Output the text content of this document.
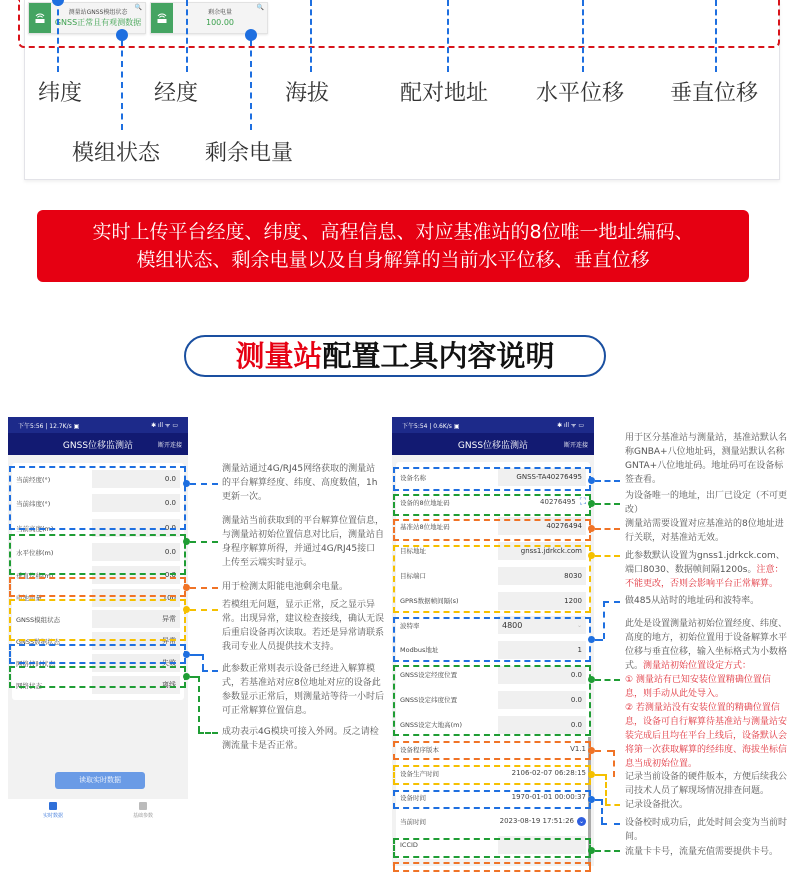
🔍
测量站GNSS模组状态
GNSS正常且有观测数据
🔍
剩余电量
100.00
纬度	经度	海拔	配对地址 水平位移 垂直位移
模组状态 剩余电量
实时上传平台经度、纬度、高程信息、对应基准站的8位唯一地址编码、
模组状态、剩余电量以及自身解算的当前水平位移、垂直位移
测量站配置工具内容说明
下午5:56 | 12.7K/s ▣	✱ ıll ᯤ ▭
GNSS位移监测站	断开连接
当前经度(°)	0.0
当前纬度(°)	0.0
当前高度(m)	0.0
水平位移(m)	0.0
垂直位移(m)	0.0
电池电量	100
GNSS模组状态	异常
GNSS数据状态	异常
网络校时状态	失败
网络状态	离线
读取实时数据
实时数据	基础参数
测量站通过4G/RJ45网络获取的测量站的平台解算经度、纬度、高度数值，1h更新一次。
测量站当前获取到的平台解算位置信息，与测量站初始位置信息对比后，测量站自身程序解算所得，并通过4G/RJ45接口上传至云端实时显示。
用于检测太阳能电池剩余电量。
若模组无问题，显示正常，反之显示异常。出现异常，建议检查接线，确认无误后重启设备再次读取。若还是异常请联系我司专业人员提供技术支持。
此参数正常则表示设备已经进入解算模式，若基准站对应8位地址对应的设备此参数显示正常后，则测量站等待一小时后可正常解算位置信息。
成功表示4G模块可接入外网。反之请检测流量卡是否正常。
下午5:54 | 0.6K/s ▣	✱ ıll ᯤ ▭
GNSS位移监测站	断开连接
设备名称	GNSS-TA40276495
设备的8位地址码	40276495 ⛶
基准站8位地址码	40276494
目标地址	gnss1.jdrkck.com
目标端口	8030
GPRS数据帧间隔(s)	1200
波特率	4800	⌄
Modbus地址	1
GNSS设定经度位置	0.0
GNSS设定纬度位置	0.0
GNSS设定大地高(m)	0.0
设备程序版本	V1.1
设备生产时间	2106-02-07 06:28:15
设备时间	1970-01-01 00:00:37
当前时间	2023-08-19 17:51:26 ⌄
ICCID
用于区分基准站与测量站，基准站默认名称GNBA+八位地址码，测量站默认名称GNTA+八位地址码。地址码可在设备标签查看。
为设备唯一的地址，出厂已设定（不可更改）
测量站需要设置对应基准站的8位地址进行关联，对基准站无效。
此参数默认设置为gnss1.jdrkck.com、端口8030、数据帧间隔1200s。注意：不能更改，否则会影响平台正常解算。
做485从站时的地址码和波特率。
此处是设置测量站初始位置经度、纬度、高度的地方，初始位置用于设备解算水平位移与垂直位移，输入坐标格式为小数格式。测量站初始位置设定方式：
① 测量站有已知安装位置精确位置信息，则手动从此处导入。
② 若测量站没有安装位置的精确位置信息，设备可自行解算待基准站与测量站安装完成后且均在平台上线后，设备默认会将第一次获取解算的经纬度、海拔坐标信息当成初始位置。
记录当前设备的硬件版本，方便后续我公司技术人员了解现场情况排查问题。
记录设备批次。
设备校时成功后，此处时间会变为当前时间。
流量卡卡号，流量充值需要提供卡号。
